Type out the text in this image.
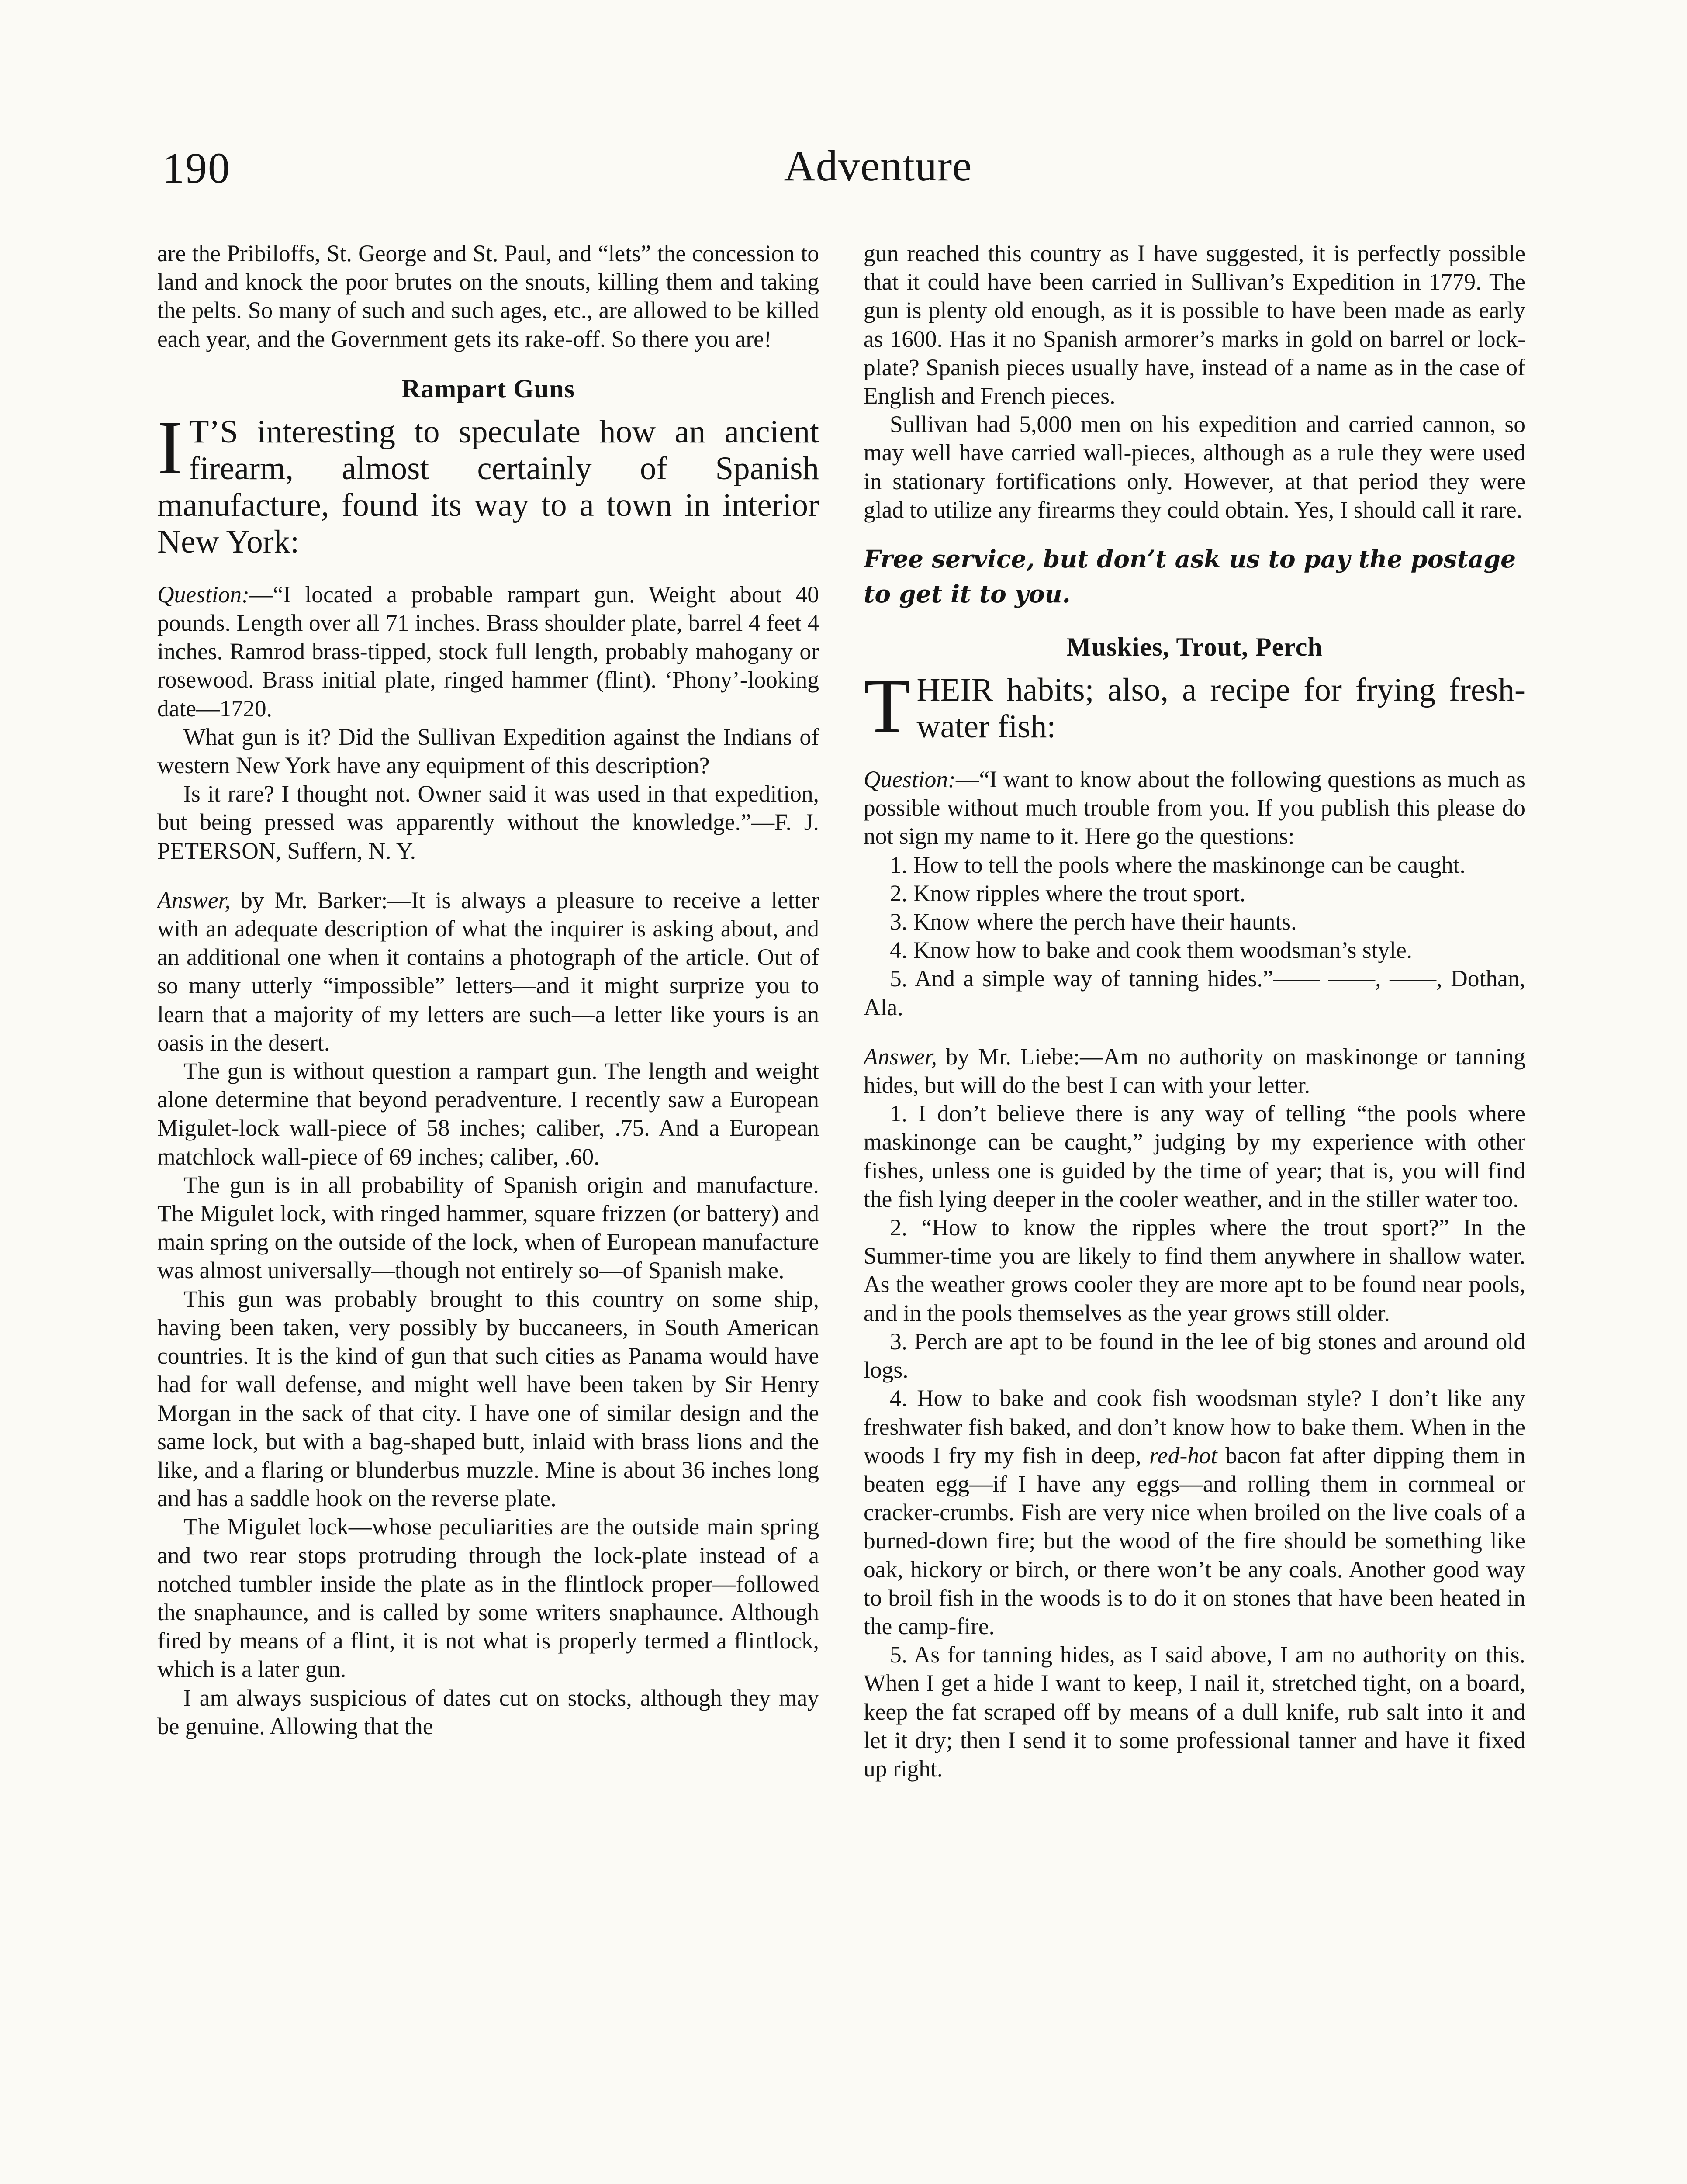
190	Adventure

are the Pribiloffs, St. George and St. Paul, and “lets” the concession to land and knock the poor brutes on the snouts, killing them and taking the pelts. So many of such and such ages, etc., are allowed to be killed each year, and the Government gets its rake-off. So there you are!

Rampart Guns
I T’S interesting to speculate how an ancient firearm, almost certainly of Spanish manufacture, found its way to a town in interior New York:

Question:—“I located a probable rampart gun. Weight about 40 pounds. Length over all 71 inches. Brass shoulder plate, barrel 4 feet 4 inches. Ramrod brass-tipped, stock full length, probably mahogany or rosewood. Brass initial plate, ringed hammer (flint). ‘Phony’-looking date—1720.

What gun is it? Did the Sullivan Expedition against the Indians of western New York have any equipment of this description?

Is it rare? I thought not. Owner said it was used in that expedition, but being pressed was apparently without the knowledge.”—F. J. PETERSON, Suffern, N. Y.

Answer, by Mr. Barker:—It is always a pleasure to receive a letter with an adequate description of what the inquirer is asking about, and an additional one when it contains a photograph of the article. Out of so many utterly “impossible” letters—and it might surprize you to learn that a majority of my letters are such—a letter like yours is an oasis in the desert.

The gun is without question a rampart gun. The length and weight alone determine that beyond peradventure. I recently saw a European Migulet-lock wall-piece of 58 inches; caliber, .75. And a European matchlock wall-piece of 69 inches; caliber, .60.

The gun is in all probability of Spanish origin and manufacture. The Migulet lock, with ringed hammer, square frizzen (or battery) and main spring on the outside of the lock, when of European manufacture was almost universally—though not entirely so—of Spanish make.

This gun was probably brought to this country on some ship, having been taken, very possibly by buccaneers, in South American countries. It is the kind of gun that such cities as Panama would have had for wall defense, and might well have been taken by Sir Henry Morgan in the sack of that city. I have one of similar design and the same lock, but with a bag-shaped butt, inlaid with brass lions and the like, and a flaring or blunderbus muzzle. Mine is about 36 inches long and has a saddle hook on the reverse plate.

The Migulet lock—whose peculiarities are the outside main spring and two rear stops protruding through the lock-plate instead of a notched tumbler inside the plate as in the flintlock proper—followed the snaphaunce, and is called by some writers snaphaunce. Although fired by means of a flint, it is not what is properly termed a flintlock, which is a later gun.

I am always suspicious of dates cut on stocks, although they may be genuine. Allowing that the

gun reached this country as I have suggested, it is perfectly possible that it could have been carried in Sullivan’s Expedition in 1779. The gun is plenty old enough, as it is possible to have been made as early as 1600. Has it no Spanish armorer’s marks in gold on barrel or lock-plate? Spanish pieces usually have, instead of a name as in the case of English and French pieces.

Sullivan had 5,000 men on his expedition and carried cannon, so may well have carried wall-pieces, although as a rule they were used in stationary fortifications only. However, at that period they were glad to utilize any firearms they could obtain. Yes, I should call it rare.

Free service, but don’t ask us to pay the postage to get it to you.
Muskies, Trout, Perch
THEIR habits; also, a recipe for frying fresh-water fish:

Question:—“I want to know about the following questions as much as possible without much trouble from you. If you publish this please do not sign my name to it. Here go the questions:

1. How to tell the pools where the maskinonge can be caught.

2. Know ripples where the trout sport.

3. Know where the perch have their haunts.

4. Know how to bake and cook them woodsman’s style.

5. And a simple way of tanning hides.”—— ——, ——, Dothan, Ala.

Answer, by Mr. Liebe:—Am no authority on maskinonge or tanning hides, but will do the best I can with your letter.

1. I don’t believe there is any way of telling “the pools where maskinonge can be caught,” judging by my experience with other fishes, unless one is guided by the time of year; that is, you will find the fish lying deeper in the cooler weather, and in the stiller water too.

2. “How to know the ripples where the trout sport?” In the Summer-time you are likely to find them anywhere in shallow water. As the weather grows cooler they are more apt to be found near pools, and in the pools themselves as the year grows still older.

3. Perch are apt to be found in the lee of big stones and around old logs.

4. How to bake and cook fish woodsman style? I don’t like any freshwater fish baked, and don’t know how to bake them. When in the woods I fry my fish in deep, red-hot bacon fat after dipping them in beaten egg—if I have any eggs—and rolling them in cornmeal or cracker-crumbs. Fish are very nice when broiled on the live coals of a burned-down fire; but the wood of the fire should be something like oak, hickory or birch, or there won’t be any coals. Another good way to broil fish in the woods is to do it on stones that have been heated in the camp-fire.

5. As for tanning hides, as I said above, I am no authority on this. When I get a hide I want to keep, I nail it, stretched tight, on a board, keep the fat scraped off by means of a dull knife, rub salt into it and let it dry; then I send it to some professional tanner and have it fixed up right.
